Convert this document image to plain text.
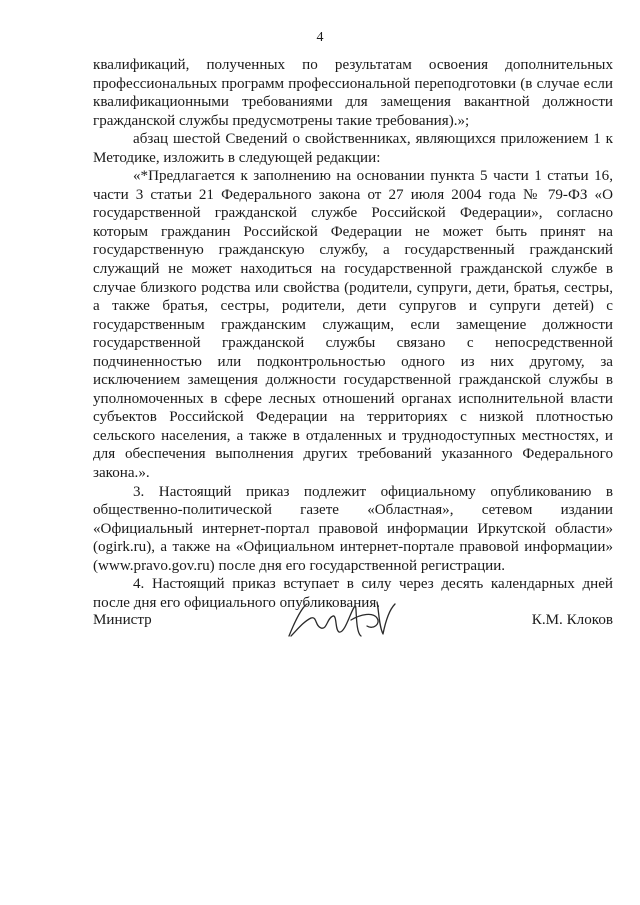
4

квалификаций, полученных по результатам освоения дополнительных профессиональных программ профессиональной переподготовки (в случае если квалификационными требованиями для замещения вакантной должности гражданской службы предусмотрены такие требования).»;

абзац шестой Сведений о свойственниках, являющихся приложением 1 к Методике, изложить в следующей редакции:

«*Предлагается к заполнению на основании пункта 5 части 1 статьи 16, части 3 статьи 21 Федерального закона от 27 июля 2004 года № 79-ФЗ «О государственной гражданской службе Российской Федерации», согласно которым гражданин Российской Федерации не может быть принят на государственную гражданскую службу, а государственный гражданский служащий не может находиться на государственной гражданской службе в случае близкого родства или свойства (родители, супруги, дети, братья, сестры, а также братья, сестры, родители, дети супругов и супруги детей) с государственным гражданским служащим, если замещение должности государственной гражданской службы связано с непосредственной подчиненностью или подконтрольностью одного из них другому, за исключением замещения должности государственной гражданской службы в уполномоченных в сфере лесных отношений органах исполнительной власти субъектов Российской Федерации на территориях с низкой плотностью сельского населения, а также в отдаленных и труднодоступных местностях, и для обеспечения выполнения других требований указанного Федерального закона.».

3. Настоящий приказ подлежит официальному опубликованию в общественно-политической газете «Областная», сетевом издании «Официальный интернет-портал правовой информации Иркутской области» (ogirk.ru), а также на «Официальном интернет-портале правовой информации» (www.pravo.gov.ru) после дня его государственной регистрации.

4. Настоящий приказ вступает в силу через десять календарных дней после дня его официального опубликования.

Министр	К.М. Клоков
